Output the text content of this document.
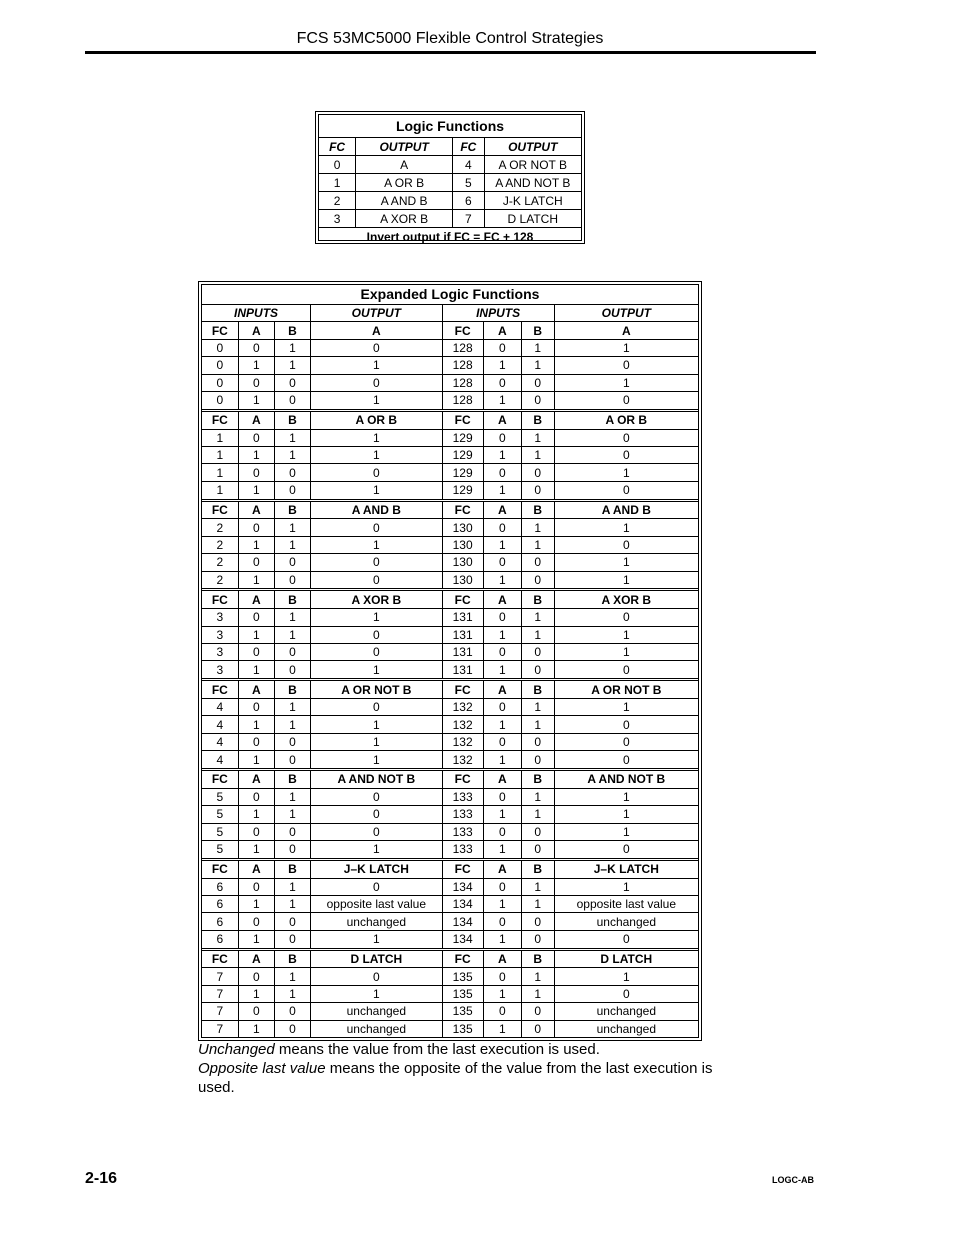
FCS 53MC5000 Flexible Control Strategies
Logic Functions			
FC	OUTPUT	FC	OUTPUT
0	A	4	A OR NOT B
1	A OR B	5	A AND NOT B
2	A AND B	6	J-K LATCH
3	A XOR B	7	D LATCH
Invert output if FC = FC + 128			
Expanded Logic Functions							
INPUTS			OUTPUT	INPUTS			OUTPUT
FC	A	B	A	FC	A	B	A
0	0	1	0	128	0	1	1
0	1	1	1	128	1	1	0
0	0	0	0	128	0	0	1
0	1	0	1	128	1	0	0
FC	A	B	A OR B	FC	A	B	A OR B
1	0	1	1	129	0	1	0
1	1	1	1	129	1	1	0
1	0	0	0	129	0	0	1
1	1	0	1	129	1	0	0
FC	A	B	A AND B	FC	A	B	A AND B
2	0	1	0	130	0	1	1
2	1	1	1	130	1	1	0
2	0	0	0	130	0	0	1
2	1	0	0	130	1	0	1
FC	A	B	A XOR B	FC	A	B	A XOR B
3	0	1	1	131	0	1	0
3	1	1	0	131	1	1	1
3	0	0	0	131	0	0	1
3	1	0	1	131	1	0	0
FC	A	B	A OR NOT B	FC	A	B	A OR NOT B
4	0	1	0	132	0	1	1
4	1	1	1	132	1	1	0
4	0	0	1	132	0	0	0
4	1	0	1	132	1	0	0
FC	A	B	A AND NOT B	FC	A	B	A AND NOT B
5	0	1	0	133	0	1	1
5	1	1	0	133	1	1	1
5	0	0	0	133	0	0	1
5	1	0	1	133	1	0	0
FC	A	B	J–K LATCH	FC	A	B	J–K LATCH
6	0	1	0	134	0	1	1
6	1	1	opposite last value	134	1	1	opposite last value
6	0	0	unchanged	134	0	0	unchanged
6	1	0	1	134	1	0	0
FC	A	B	D LATCH	FC	A	B	D LATCH
7	0	1	0	135	0	1	1
7	1	1	1	135	1	1	0
7	0	0	unchanged	135	0	0	unchanged
7	1	0	unchanged	135	1	0	unchanged
Unchanged means the value from the last execution is used.
Opposite last value means the opposite of the value from the last execution is used.
2-16	LOGC-AB
